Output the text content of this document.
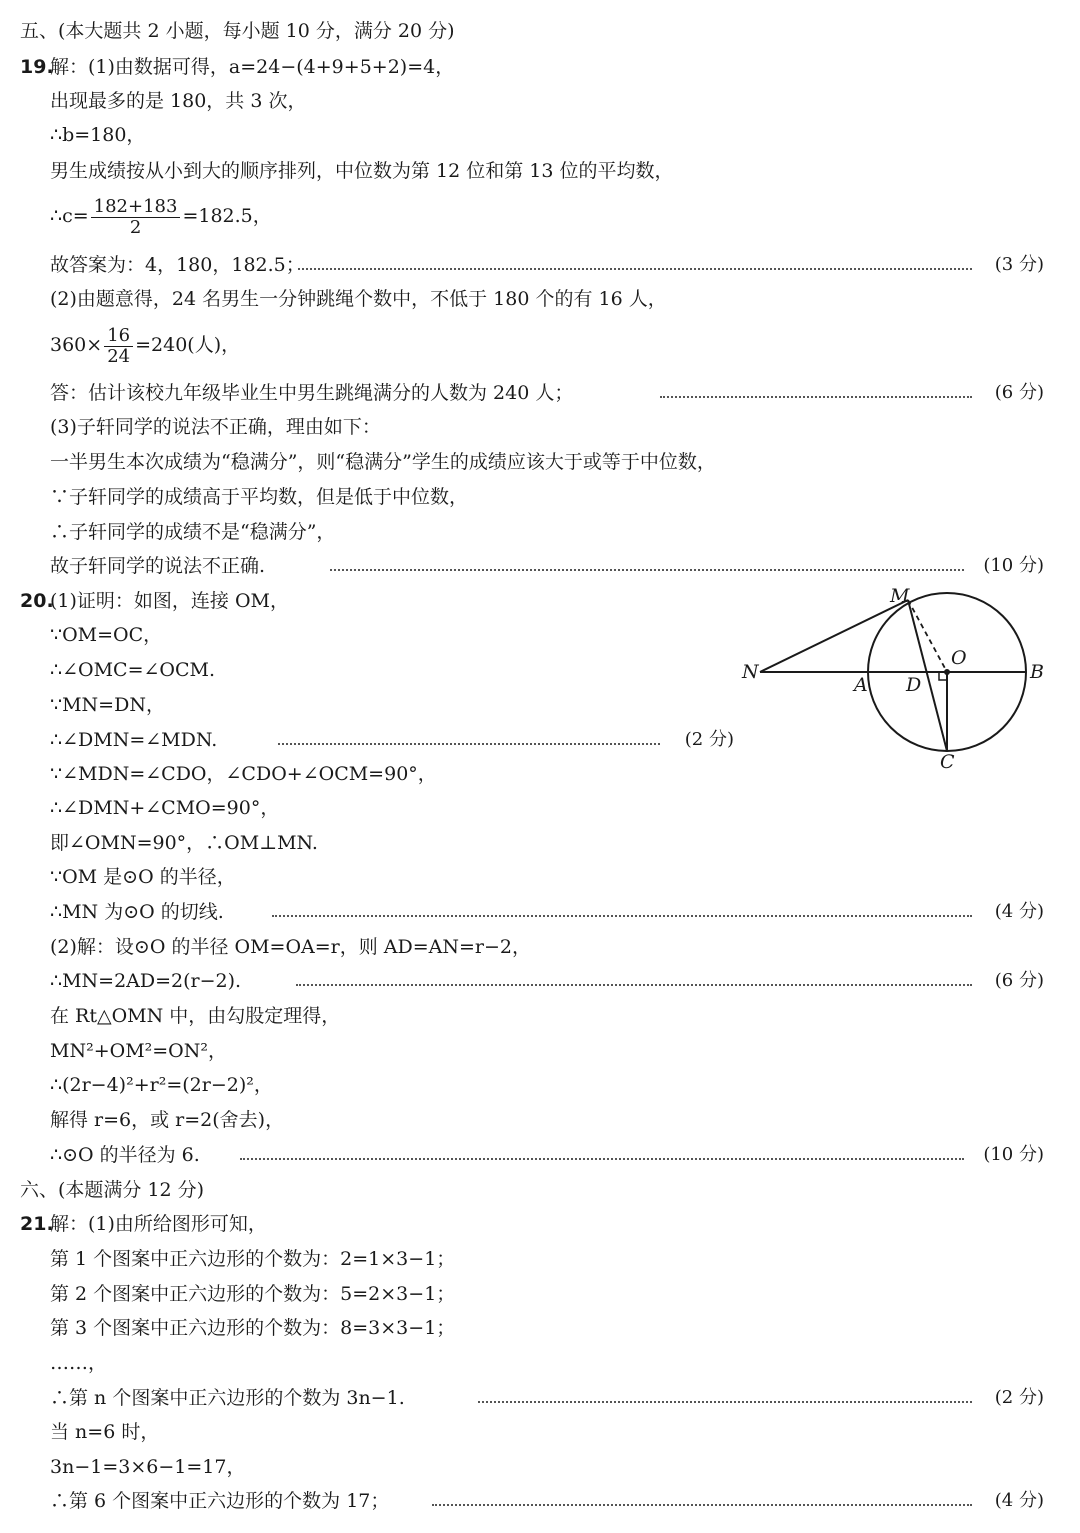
五、(本大题共 2 小题，每小题 10 分，满分 20 分)
19.
解：(1)由数据可得，a=24−(4+9+5+2)=4，
出现最多的是 180，共 3 次，
∴b=180，
男生成绩按从小到大的顺序排列，中位数为第 12 位和第 13 位的平均数，
∴c= $\frac{182+183}{2} =182.5$，
故答案为：4，180，182.5；	(3 分)
(2)由题意得，24 名男生一分钟跳绳个数中，不低于 180 个的有 16 人，
$360\times \frac{16}{24} =240$(人)，
答：估计该校九年级毕业生中男生跳绳满分的人数为 240 人；	(6 分)
(3)子轩同学的说法不正确，理由如下：
一半男生本次成绩为“稳满分”，则“稳满分”学生的成绩应该大于或等于中位数，
∵子轩同学的成绩高于平均数，但是低于中位数，
∴子轩同学的成绩不是“稳满分”，
故子轩同学的说法不正确.	(10 分)
20.
(1)证明：如图，连接 OM，
∵OM=OC，
∴∠OMC=∠OCM.
∵MN=DN，
∴∠DMN=∠MDN.	(2 分)
∵∠MDN=∠CDO，∠CDO+∠OCM=90°，
∴∠DMN+∠CMO=90°，
即∠OMN=90°，∴OM⊥MN.
∵OM 是⊙O 的半径，
∴MN 为⊙O 的切线.	(4 分)
(2)解：设⊙O 的半径 OM=OA=r，则 AD=AN=r−2，
∴MN=2AD=2(r−2).	(6 分)
在 Rt△OMN 中，由勾股定理得，
MN²+OM²=ON²，
∴(2r−4)²+r²=(2r−2)²，
解得 r=6，或 r=2(舍去)，
∴⊙O 的半径为 6.	(10 分)
M
O
N
A D
B
C
六、(本题满分 12 分)
21.
解：(1)由所给图形可知，
第 1 个图案中正六边形的个数为：2=1×3−1；
第 2 个图案中正六边形的个数为：5=2×3−1；
第 3 个图案中正六边形的个数为：8=3×3−1；
……，
∴第 n 个图案中正六边形的个数为 3n−1.	(2 分)
当 n=6 时，
3n−1=3×6−1=17，
∴第 6 个图案中正六边形的个数为 17；	(4 分)
